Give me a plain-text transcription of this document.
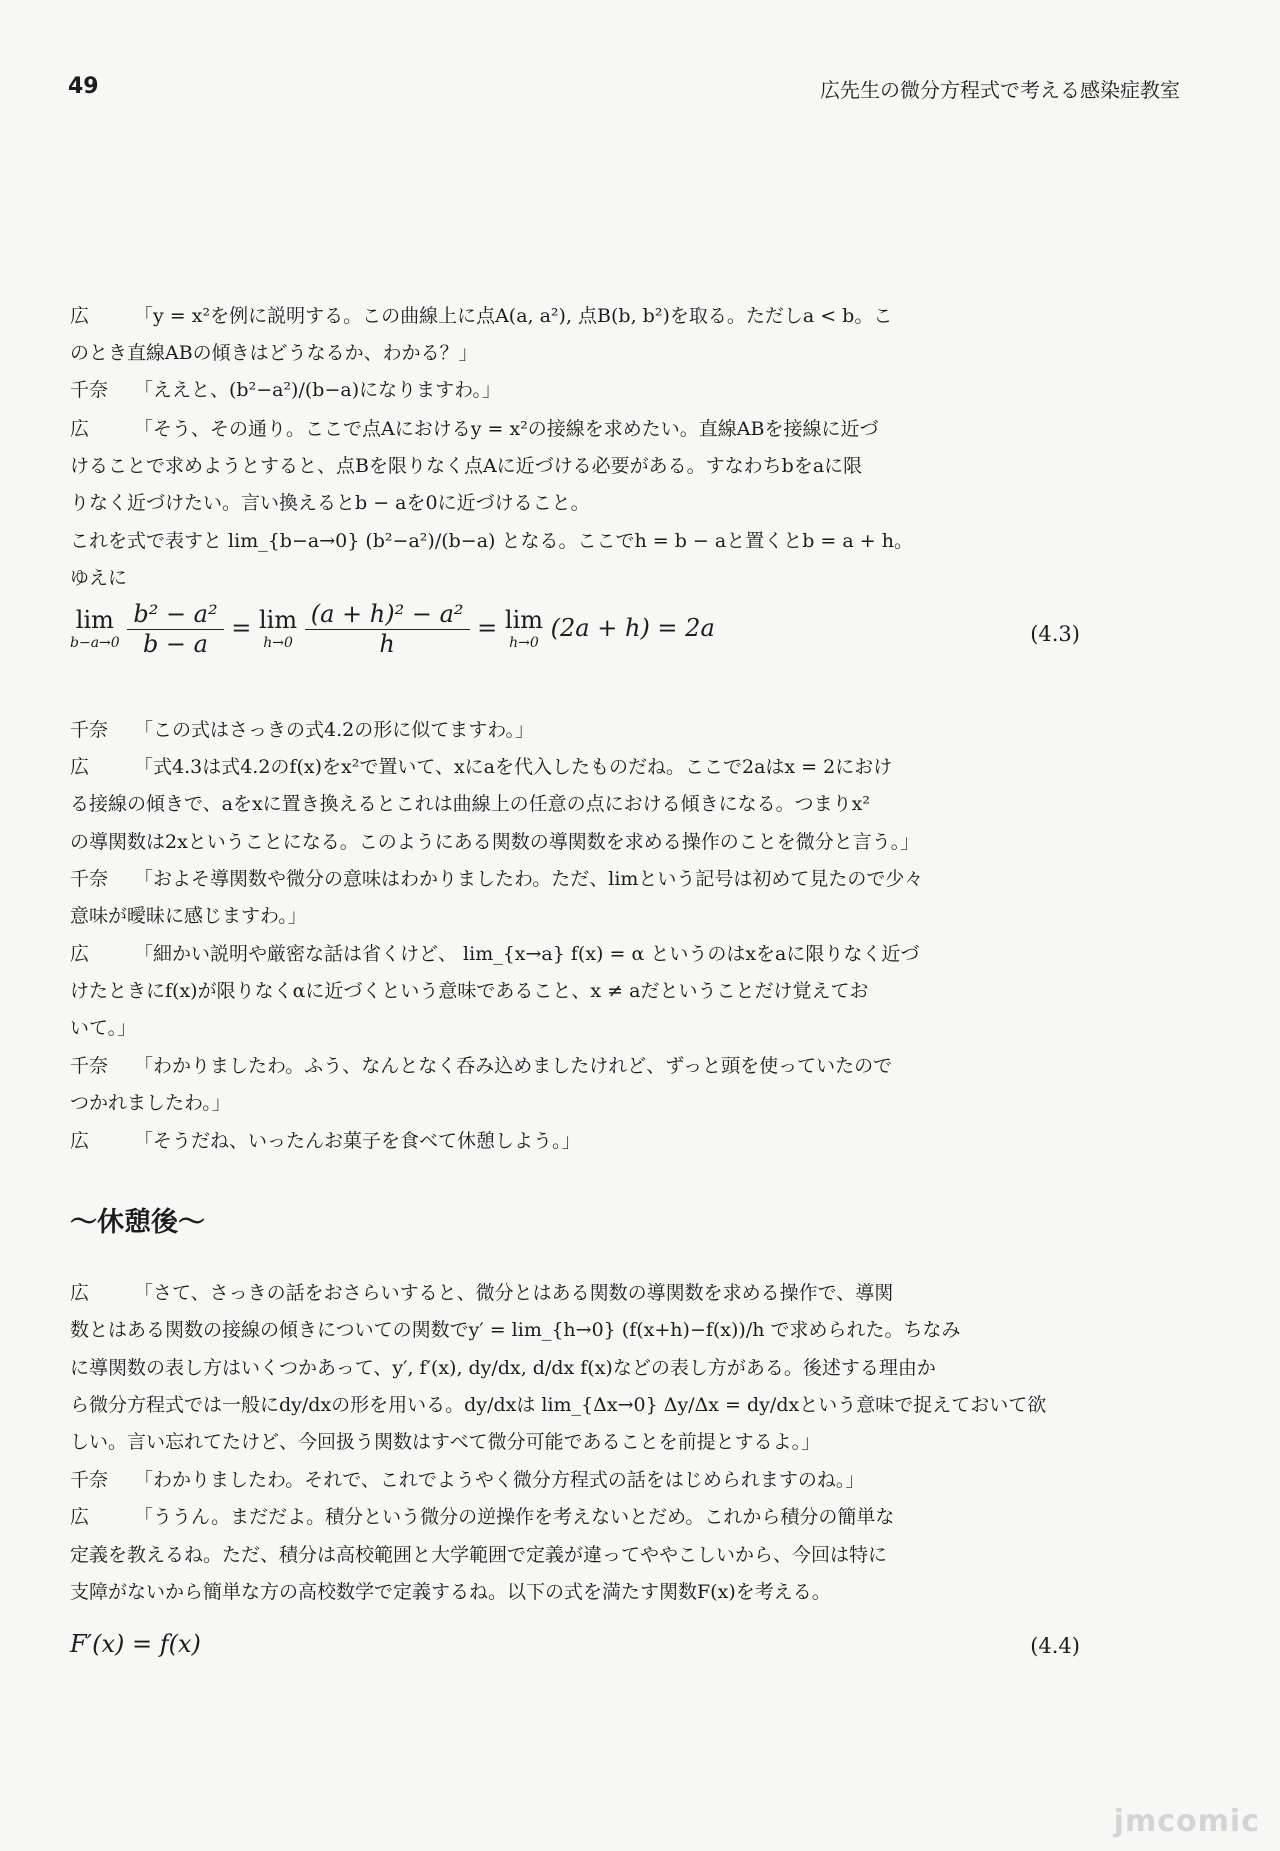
49	広先生の微分方程式で考える感染症教室
広 「y = x²を例に説明する。この曲線上に点A(a, a²), 点B(b, b²)を取る。ただしa < b。こ
のとき直線ABの傾きはどうなるか、わかる？」
千奈 「ええと、(b²−a²)/(b−a)になりますわ。」
広 「そう、その通り。ここで点Aにおけるy = x²の接線を求めたい。直線ABを接線に近づ
けることで求めようとすると、点Bを限りなく点Aに近づける必要がある。すなわちbをaに限
りなく近づけたい。言い換えるとb − aを0に近づけること。
これを式で表すと lim_{b−a→0} (b²−a²)/(b−a) となる。ここでh = b − aと置くとb = a + h。
ゆえに
lim
b−a→0
$\frac{\text{b² − a²}}{b - a} = \lim$
h→0
$\frac{\text{(a + h)² − a²}}{h} = \lim$
h→0
(2a + h) = 2a	(4.3)
千奈 「この式はさっきの式4.2の形に似てますわ。」
広 「式4.3は式4.2のf(x)をx²で置いて、xにaを代入したものだね。ここで2aはx = 2におけ
る接線の傾きで、aをxに置き換えるとこれは曲線上の任意の点における傾きになる。つまりx²
の導関数は2xということになる。このようにある関数の導関数を求める操作のことを微分と言う。」
千奈 「およそ導関数や微分の意味はわかりましたわ。ただ、limという記号は初めて見たので少々
意味が曖昧に感じますわ。」
広 「細かい説明や厳密な話は省くけど、 lim_{x→a} f(x) = α というのはxをaに限りなく近づ
けたときにf(x)が限りなくαに近づくという意味であること、x ≠ aだということだけ覚えてお
いて。」
千奈 「わかりましたわ。ふう、なんとなく呑み込めましたけれど、ずっと頭を使っていたので
つかれましたわ。」
広 「そうだね、いったんお菓子を食べて休憩しよう。」
〜休憩後〜
広 「さて、さっきの話をおさらいすると、微分とはある関数の導関数を求める操作で、導関
数とはある関数の接線の傾きについての関数でy′ = lim_{h→0} (f(x+h)−f(x))/h で求められた。ちなみ
に導関数の表し方はいくつかあって、y′, f′(x), dy/dx, d/dx f(x)などの表し方がある。後述する理由か
ら微分方程式では一般にdy/dxの形を用いる。dy/dxは lim_{Δx→0} Δy/Δx = dy/dxという意味で捉えておいて欲
しい。言い忘れてたけど、今回扱う関数はすべて微分可能であることを前提とするよ。」
千奈 「わかりましたわ。それで、これでようやく微分方程式の話をはじめられますのね。」
広 「ううん。まだだよ。積分という微分の逆操作を考えないとだめ。これから積分の簡単な
定義を教えるね。ただ、積分は高校範囲と大学範囲で定義が違ってややこしいから、今回は特に
支障がないから簡単な方の高校数学で定義するね。以下の式を満たす関数F(x)を考える。
F′(x) = f(x)	(4.4)
jmcomic
